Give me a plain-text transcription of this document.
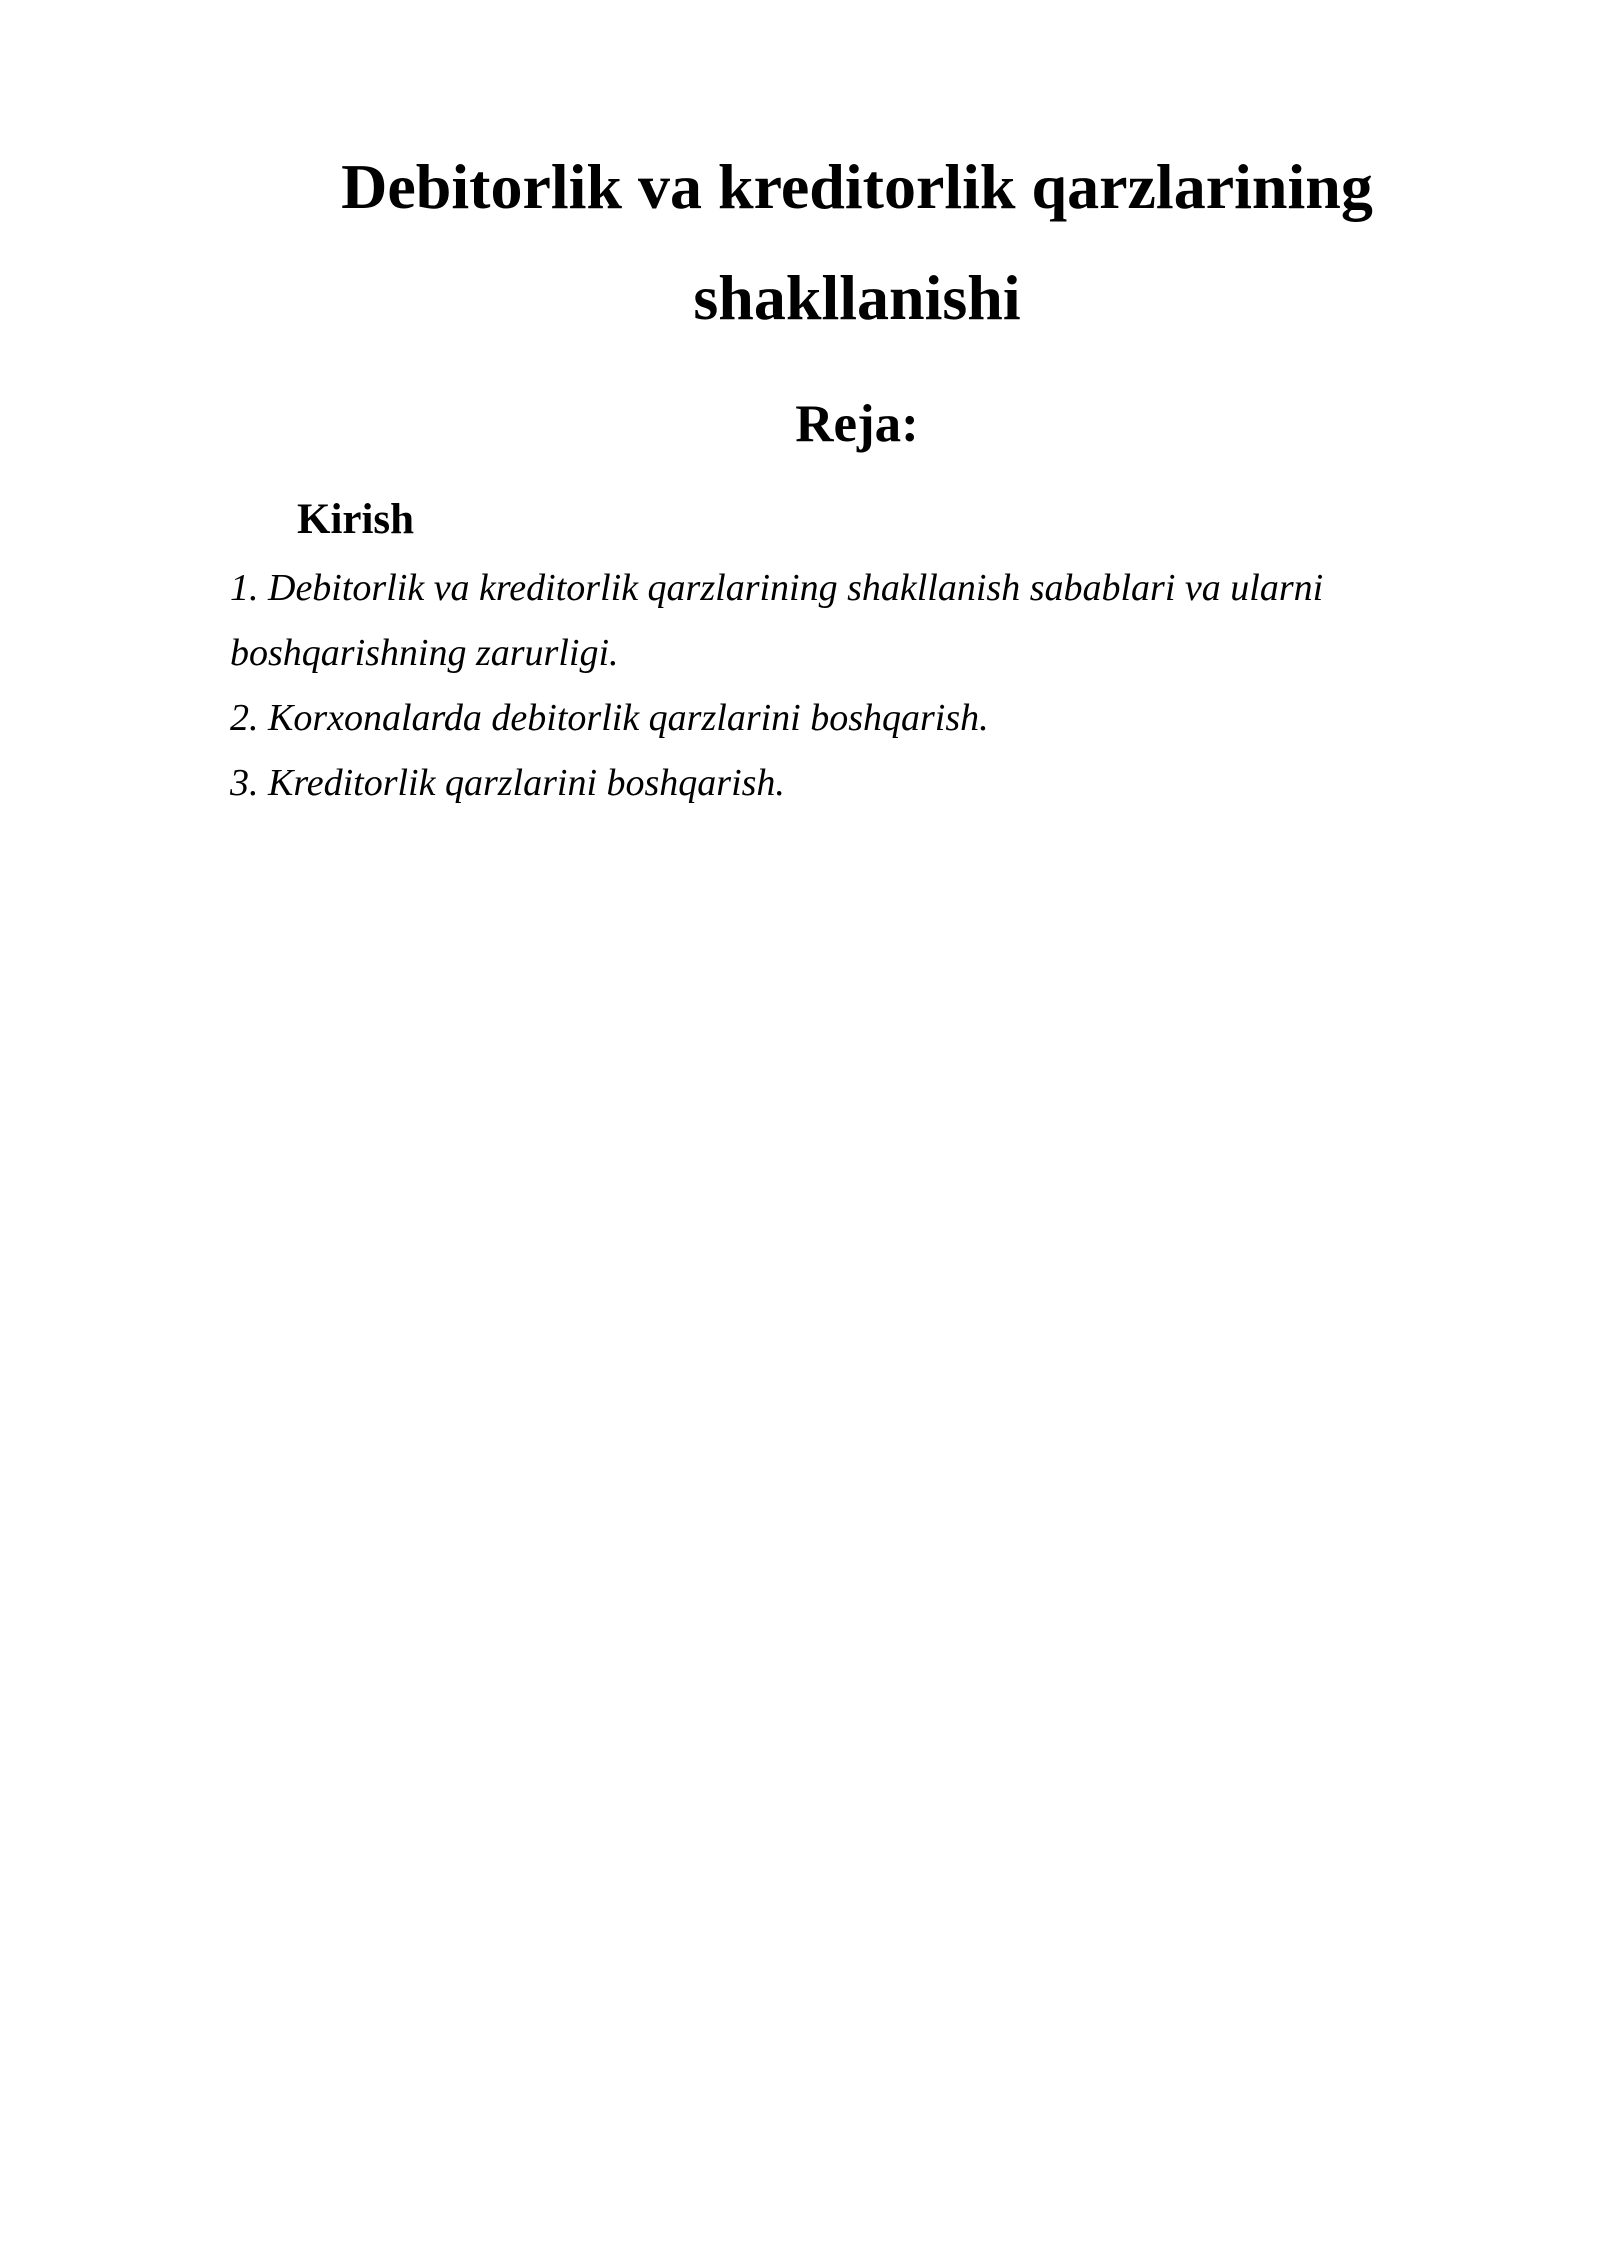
Debitorlik va kreditorlik qarzlarining
shakllanishi
Reja:
Kirish
1. Debitorlik va kreditorlik qarzlarining shakllanish sabablari va ularni
boshqarishning zarurligi.
2. Korxonalarda debitorlik qarzlarini boshqarish.
3. Kreditorlik qarzlarini boshqarish.
